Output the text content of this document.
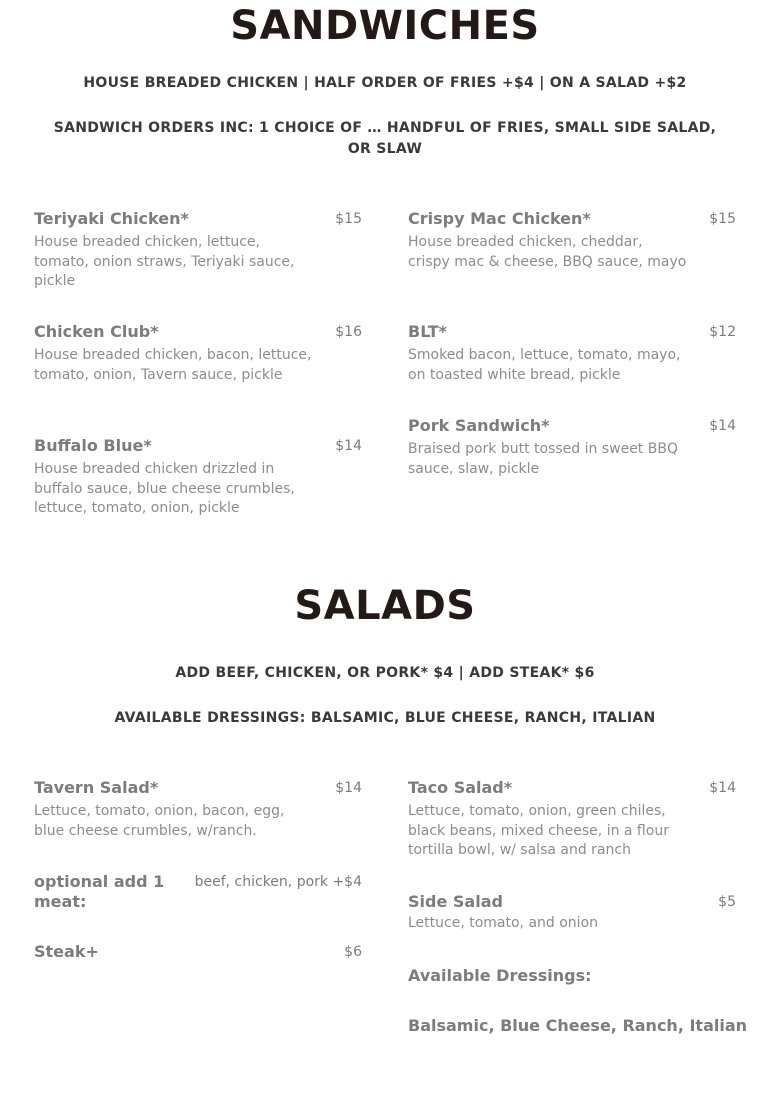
SANDWICHES
HOUSE BREADED CHICKEN | HALF ORDER OF FRIES +$4 | ON A SALAD +$2
SANDWICH ORDERS INC: 1 CHOICE OF … HANDFUL OF FRIES, SMALL SIDE SALAD, OR SLAW
Teriyaki Chicken*	$15
House breaded chicken, lettuce, tomato, onion straws, Teriyaki sauce, pickle
Chicken Club*	$16
House breaded chicken, bacon, lettuce, tomato, onion, Tavern sauce, pickle
Buffalo Blue*	$14
House breaded chicken drizzled in buffalo sauce, blue cheese crumbles, lettuce, tomato, onion, pickle
Crispy Mac Chicken*	$15
House breaded chicken, cheddar, crispy mac & cheese, BBQ sauce, mayo
BLT*	$12
Smoked bacon, lettuce, tomato, mayo, on toasted white bread, pickle
Pork Sandwich*	$14
Braised pork butt tossed in sweet BBQ sauce, slaw, pickle
SALADS
ADD BEEF, CHICKEN, OR PORK* $4 | ADD STEAK* $6
AVAILABLE DRESSINGS: BALSAMIC, BLUE CHEESE, RANCH, ITALIAN
Tavern Salad*	$14
Lettuce, tomato, onion, bacon, egg, blue cheese crumbles, w/ranch.
optional add 1 meat:
beef, chicken, pork +$4
Steak+	$6
Taco Salad*	$14
Lettuce, tomato, onion, green chiles, black beans, mixed cheese, in a flour tortilla bowl, w/ salsa and ranch
Side Salad	$5
Lettuce, tomato, and onion
Available Dressings:
Balsamic, Blue Cheese, Ranch, Italian
